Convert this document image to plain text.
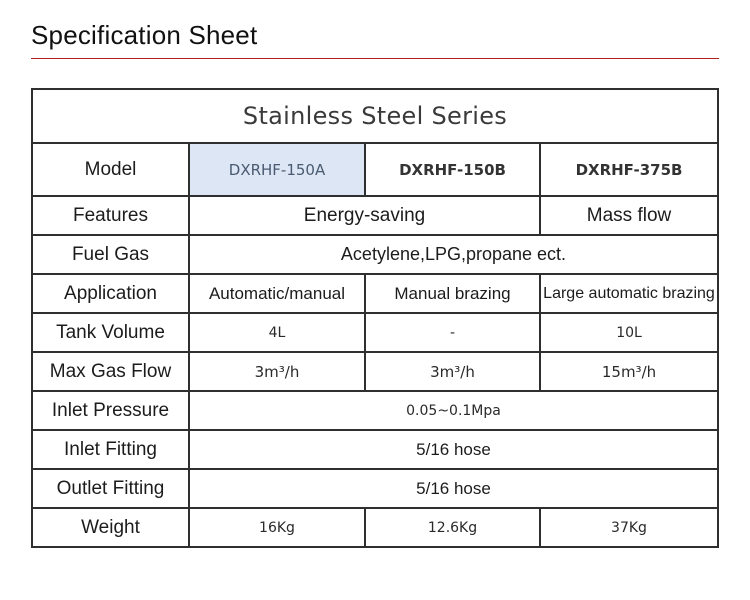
Specification Sheet
Stainless Steel Series			
Model	DXRHF-150A	DXRHF-150B	DXRHF-375B
Features	Energy-saving		Mass flow
Fuel Gas	Acetylene,LPG,propane ect.		
Application	Automatic/manual	Manual brazing	Large automatic brazing
Tank Volume	4L	-	10L
Max Gas Flow	3m³/h	3m³/h	15m³/h
Inlet Pressure	0.05~0.1Mpa		
Inlet Fitting	5/16 hose		
Outlet Fitting	5/16 hose		
Weight	16Kg	12.6Kg	37Kg
